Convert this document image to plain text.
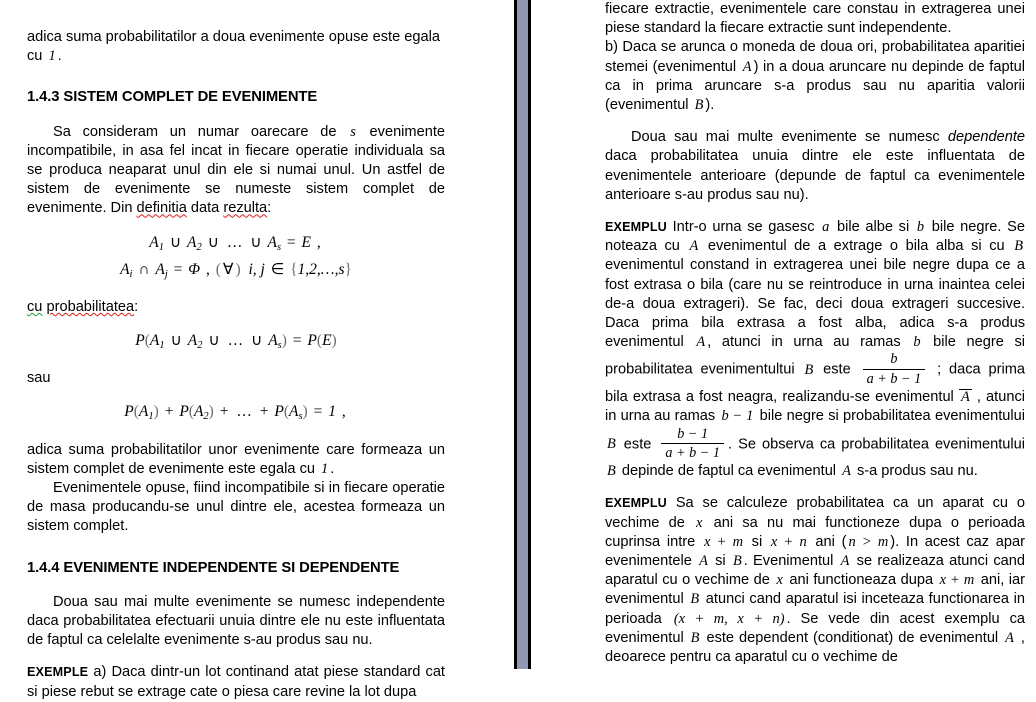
adica suma probabilitatilor a doua evenimente opuse este egala
cu 1 .

1.4.3 SISTEM COMPLET DE EVENIMENTE

Sa consideram un numar oarecare de s evenimente incompatibile, in asa fel incat in fiecare operatie individuala sa se produca neaparat unul din ele si numai unul. Un astfel de sistem de evenimente se numeste sistem complet de evenimente. Din definitia data rezulta:

$A_1$ ∪ $A_2$ ∪ … ∪ $A_s = E$ ,
$A_i$ ∩ $A_j = \Phi$ , ( ∀ )  i, j ∈ {1,2,…,s}

cu probabilitatea:

$P(A_1$ ∪ $A_2$ ∪ … ∪ $A_s) = P(E)$

sau

$P(A_1) + P(A_2)$ + … + $P(A_s) = 1$ ,

adica suma probabilitatilor unor evenimente care formeaza un sistem complet de evenimente este egala cu 1 .

Evenimentele opuse, fiind incompatibile si in fiecare operatie de masa producandu-se unul dintre ele, acestea formeaza un sistem complet.

1.4.4 EVENIMENTE INDEPENDENTE SI DEPENDENTE

Doua sau mai multe evenimente se numesc independente daca probabilitatea efectuarii unuia dintre ele nu este influentata de faptul ca celelalte evenimente s-au produs sau nu.

EXEMPLE a) Daca dintr-un lot continand atat piese standard cat si piese rebut se extrage cate o piesa care revine la lot dupa

fiecare extractie, evenimentele care constau in extragerea unei piese standard la fiecare extractie sunt independente.

b) Daca se arunca o moneda de doua ori, probabilitatea aparitiei stemei (evenimentul A ) in a doua aruncare nu depinde de faptul ca in prima aruncare s-a produs sau nu aparitia valorii (evenimentul B ).

Doua sau mai multe evenimente se numesc dependente daca probabilitatea unuia dintre ele este influentata de evenimentele anterioare (depunde de faptul ca evenimentele anterioare s-au produs sau nu).

EXEMPLU Intr-o urna se gasesc a bile albe si b bile negre. Se noteaza cu A evenimentul de a extrage o bila alba si cu B evenimentul constand in extragerea unei bile negre dupa ce a fost extrasa o bila (care nu se reintroduce in urna inaintea celei de-a doua extrageri). Se fac, deci doua extrageri succesive. Daca prima bila extrasa a fost alba, adica s-a produs evenimentul A , atunci in urna au ramas b bile negre si probabilitatea evenimentultui B este $\frac{b}{a + b - 1}$ ; daca prima bila extrasa a fost neagra, realizandu-se evenimentul A , atunci in urna au ramas b − 1 bile negre si probabilitatea evenimentului B este $\frac{b - 1}{a + b - 1}$ . Se observa ca probabilitatea evenimentului B depinde de faptul ca evenimentul A s-a produs sau nu.

EXEMPLU Sa se calculeze probabilitatea ca un aparat cu o vechime de x ani sa nu mai functioneze dupa o perioada cuprinsa intre x + m si x + n ani ( n > m ). In acest caz apar evenimentele A si B . Evenimentul A se realizeaza atunci cand aparatul cu o vechime de x ani functioneaza dupa x + m ani, iar evenimentul B atunci cand aparatul isi inceteaza functionarea in perioada (x + m, x + n) . Se vede din acest exemplu ca evenimentul B este dependent (conditionat) de evenimentul A , deoarece pentru ca aparatul cu o vechime de
